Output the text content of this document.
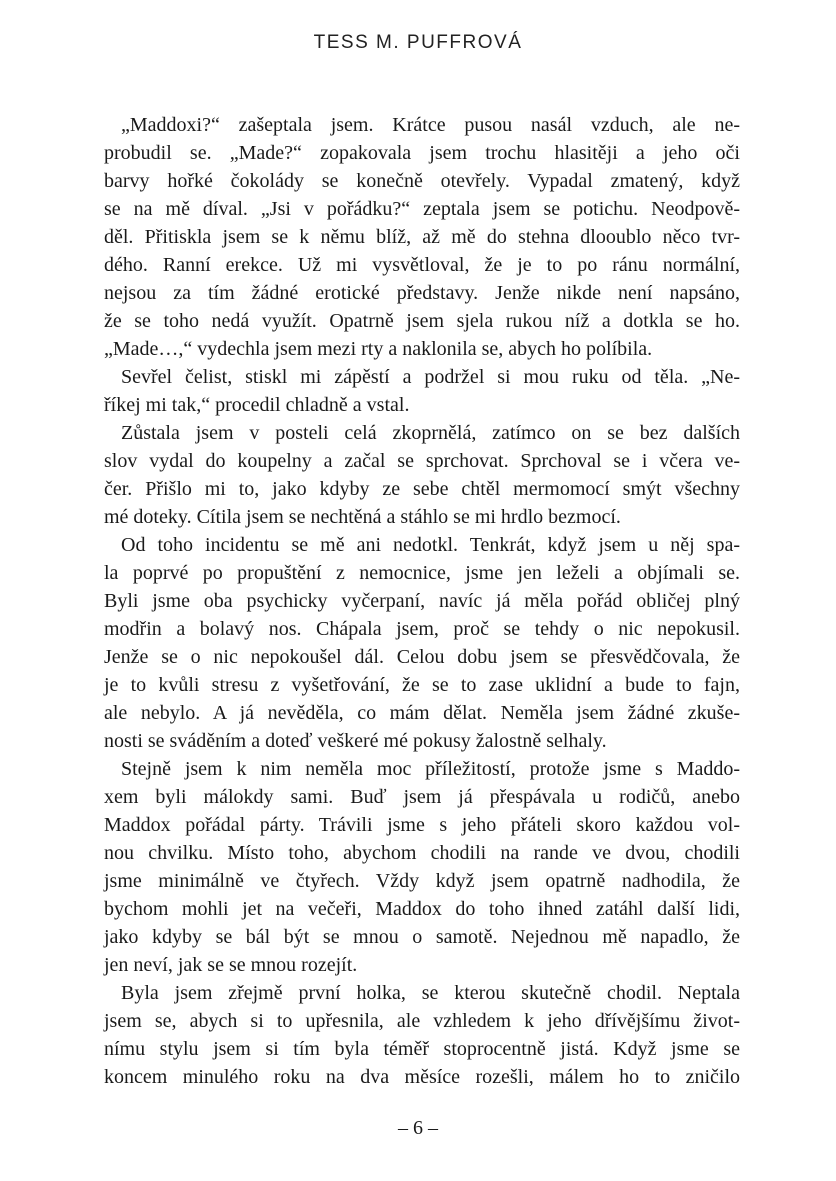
TESS M. PUFFROVÁ
„Maddoxi?“ zašeptala jsem. Krátce pusou nasál vzduch, ale ne-
probudil se. „Made?“ zopakovala jsem trochu hlasitěji a jeho oči
barvy hořké čokolády se konečně otevřely. Vypadal zmatený, když
se na mě díval. „Jsi v pořádku?“ zeptala jsem se potichu. Neodpově-
děl. Přitiskla jsem se k němu blíž, až mě do stehna dlooublo něco tvr-
dého. Ranní erekce. Už mi vysvětloval, že je to po ránu normální,
nejsou za tím žádné erotické představy. Jenže nikde není napsáno,
že se toho nedá využít. Opatrně jsem sjela rukou níž a dotkla se ho.
„Made…,“ vydechla jsem mezi rty a naklonila se, abych ho políbila.
Sevřel čelist, stiskl mi zápěstí a podržel si mou ruku od těla. „Ne-
říkej mi tak,“ procedil chladně a vstal.
Zůstala jsem v posteli celá zkoprnělá, zatímco on se bez dalších
slov vydal do koupelny a začal se sprchovat. Sprchoval se i včera ve-
čer. Přišlo mi to, jako kdyby ze sebe chtěl mermomocí smýt všechny
mé doteky. Cítila jsem se nechtěná a stáhlo se mi hrdlo bezmocí.
Od toho incidentu se mě ani nedotkl. Tenkrát, když jsem u něj spa-
la poprvé po propuštění z nemocnice, jsme jen leželi a objímali se.
Byli jsme oba psychicky vyčerpaní, navíc já měla pořád obličej plný
modřin a bolavý nos. Chápala jsem, proč se tehdy o nic nepokusil.
Jenže se o nic nepokoušel dál. Celou dobu jsem se přesvědčovala, že
je to kvůli stresu z vyšetřování, že se to zase uklidní a bude to fajn,
ale nebylo. A já nevěděla, co mám dělat. Neměla jsem žádné zkuše-
nosti se sváděním a doteď veškeré mé pokusy žalostně selhaly.
Stejně jsem k nim neměla moc příležitostí, protože jsme s Maddo-
xem byli málokdy sami. Buď jsem já přespávala u rodičů, anebo
Maddox pořádal párty. Trávili jsme s jeho přáteli skoro každou vol-
nou chvilku. Místo toho, abychom chodili na rande ve dvou, chodili
jsme minimálně ve čtyřech. Vždy když jsem opatrně nadhodila, že
bychom mohli jet na večeři, Maddox do toho ihned zatáhl další lidi,
jako kdyby se bál být se mnou o samotě. Nejednou mě napadlo, že
jen neví, jak se se mnou rozejít.
Byla jsem zřejmě první holka, se kterou skutečně chodil. Neptala
jsem se, abych si to upřesnila, ale vzhledem k jeho dřívějšímu život-
nímu stylu jsem si tím byla téměř stoprocentně jistá. Když jsme se
koncem minulého roku na dva měsíce rozešli, málem ho to zničilo
– 6 –
